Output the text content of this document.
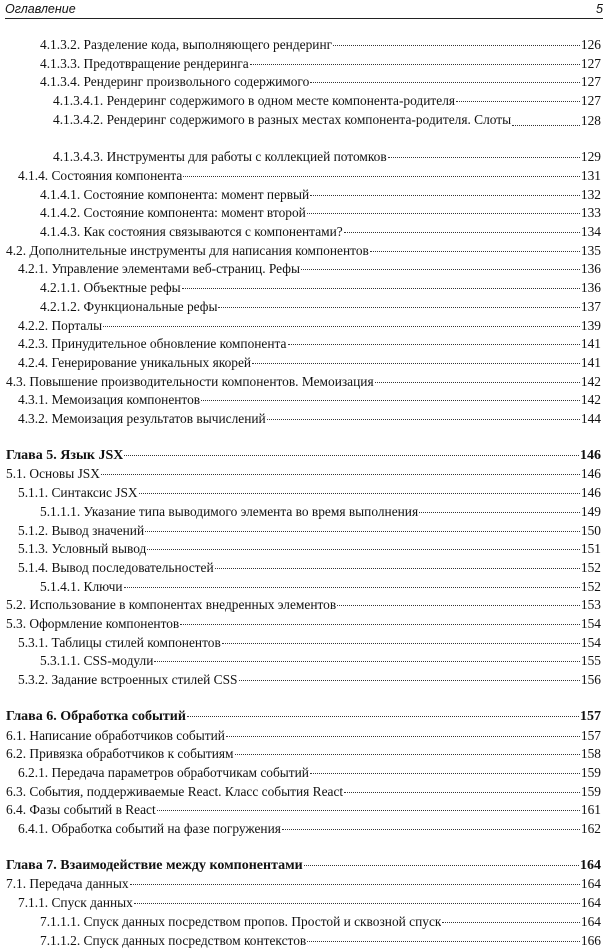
Оглавление	5
4.1.3.2. Разделение кода, выполняющего рендеринг	126
4.1.3.3. Предотвращение рендеринга	127
4.1.3.4. Рендеринг произвольного содержимого	127
4.1.3.4.1. Рендеринг содержимого в одном месте компонента-родителя	127
4.1.3.4.2. Рендеринг содержимого в разных местах компонента-родителя. Слоты	128
4.1.3.4.3. Инструменты для работы с коллекцией потомков	129
4.1.4. Состояния компонента	131
4.1.4.1. Состояние компонента: момент первый	132
4.1.4.2. Состояние компонента: момент второй	133
4.1.4.3. Как состояния связываются с компонентами?	134
4.2. Дополнительные инструменты для написания компонентов	135
4.2.1. Управление элементами веб-страниц. Рефы	136
4.2.1.1. Объектные рефы	136
4.2.1.2. Функциональные рефы	137
4.2.2. Порталы	139
4.2.3. Принудительное обновление компонента	141
4.2.4. Генерирование уникальных якорей	141
4.3. Повышение производительности компонентов. Мемоизация	142
4.3.1. Мемоизация компонентов	142
4.3.2. Мемоизация результатов вычислений	144
Глава 5. Язык JSX	146
5.1. Основы JSX	146
5.1.1. Синтаксис JSX	146
5.1.1.1. Указание типа выводимого элемента во время выполнения	149
5.1.2. Вывод значений	150
5.1.3. Условный вывод	151
5.1.4. Вывод последовательностей	152
5.1.4.1. Ключи	152
5.2. Использование в компонентах внедренных элементов	153
5.3. Оформление компонентов	154
5.3.1. Таблицы стилей компонентов	154
5.3.1.1. CSS-модули	155
5.3.2. Задание встроенных стилей CSS	156
Глава 6. Обработка событий	157
6.1. Написание обработчиков событий	157
6.2. Привязка обработчиков к событиям	158
6.2.1. Передача параметров обработчикам событий	159
6.3. События, поддерживаемые React. Класс события React	159
6.4. Фазы событий в React	161
6.4.1. Обработка событий на фазе погружения	162
Глава 7. Взаимодействие между компонентами	164
7.1. Передача данных	164
7.1.1. Спуск данных	164
7.1.1.1. Спуск данных посредством пропов. Простой и сквозной спуск	164
7.1.1.2. Спуск данных посредством контекстов	166
